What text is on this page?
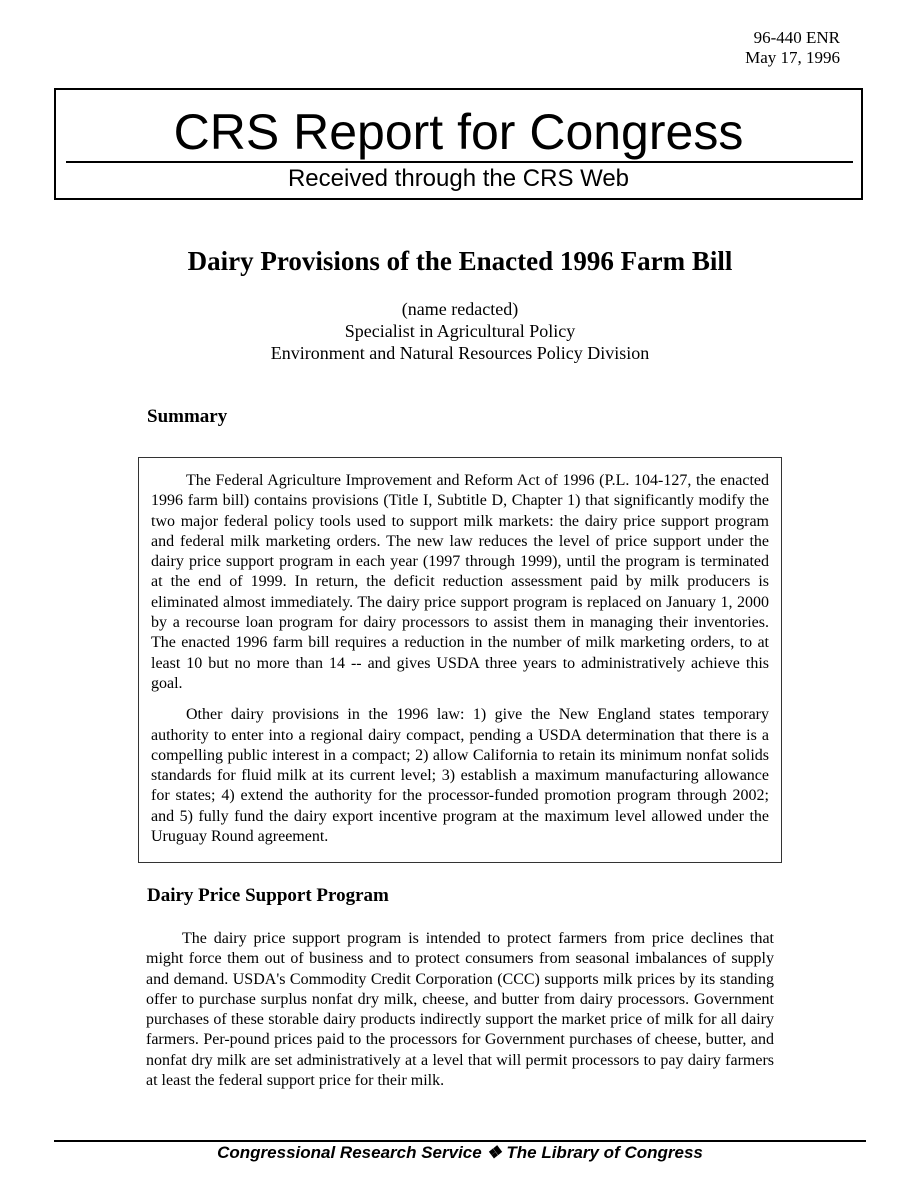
96-440 ENR
May 17, 1996
CRS Report for Congress
Received through the CRS Web
Dairy Provisions of the Enacted 1996 Farm Bill
(name redacted)
Specialist in Agricultural Policy
Environment and Natural Resources Policy Division
Summary

The Federal Agriculture Improvement and Reform Act of 1996 (P.L. 104-127, the enacted 1996 farm bill) contains provisions (Title I, Subtitle D, Chapter 1) that significantly modify the two major federal policy tools used to support milk markets: the dairy price support program and federal milk marketing orders. The new law reduces the level of price support under the dairy price support program in each year (1997 through 1999), until the program is terminated at the end of 1999. In return, the deficit reduction assessment paid by milk producers is eliminated almost immediately. The dairy price support program is replaced on January 1, 2000 by a recourse loan program for dairy processors to assist them in managing their inventories. The enacted 1996 farm bill requires a reduction in the number of milk marketing orders, to at least 10 but no more than 14 -- and gives USDA three years to administratively achieve this goal.

Other dairy provisions in the 1996 law: 1) give the New England states temporary authority to enter into a regional dairy compact, pending a USDA determination that there is a compelling public interest in a compact; 2) allow California to retain its minimum nonfat solids standards for fluid milk at its current level; 3) establish a maximum manufacturing allowance for states; 4) extend the authority for the processor-funded promotion program through 2002; and 5) fully fund the dairy export incentive program at the maximum level allowed under the Uruguay Round agreement.

Dairy Price Support Program

The dairy price support program is intended to protect farmers from price declines that might force them out of business and to protect consumers from seasonal imbalances of supply and demand. USDA's Commodity Credit Corporation (CCC) supports milk prices by its standing offer to purchase surplus nonfat dry milk, cheese, and butter from dairy processors. Government purchases of these storable dairy products indirectly support the market price of milk for all dairy farmers. Per-pound prices paid to the processors for Government purchases of cheese, butter, and nonfat dry milk are set administratively at a level that will permit processors to pay dairy farmers at least the federal support price for their milk.

Congressional Research Service ❖ The Library of Congress
